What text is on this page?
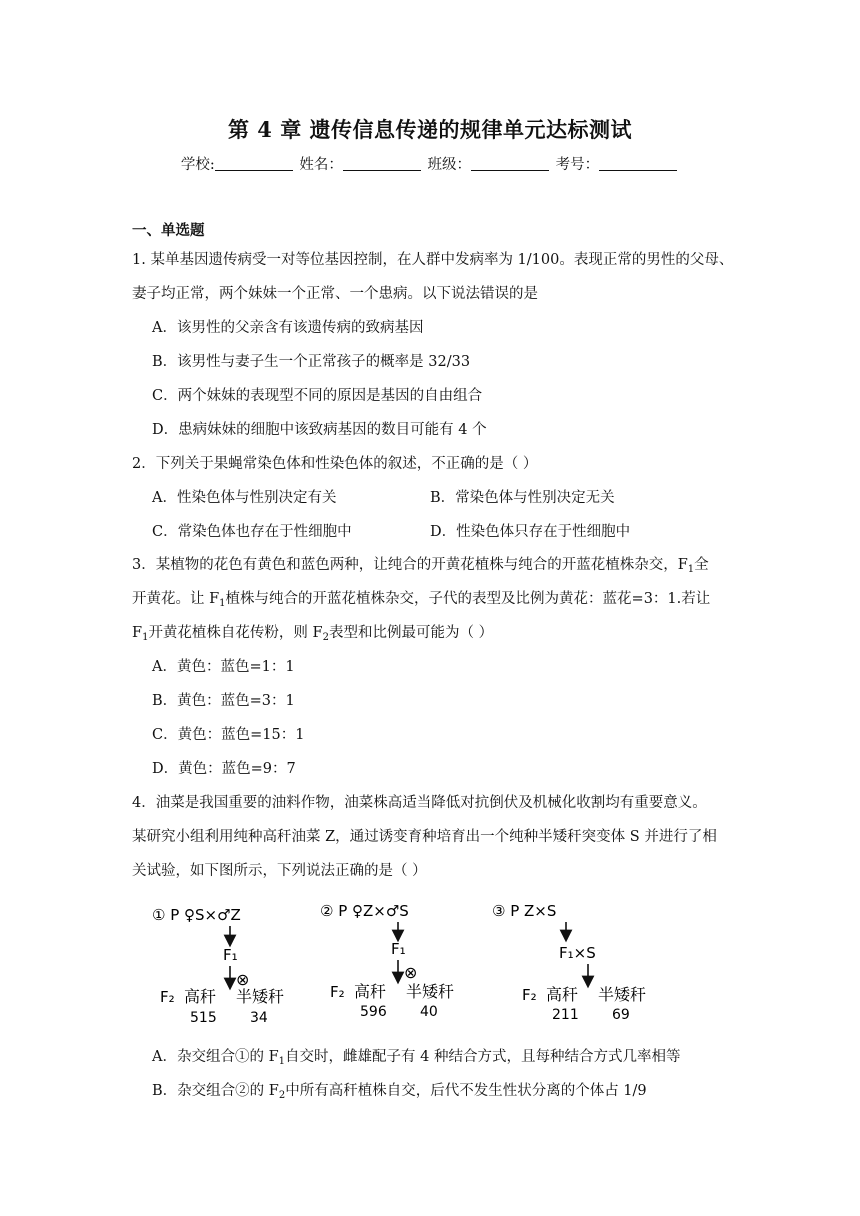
第 4 章 遗传信息传递的规律单元达标测试
学校:	姓名：	班级：	考号：
一、单选题
1. 某单基因遗传病受一对等位基因控制，在人群中发病率为 1/100。表现正常的男性的父母、
妻子均正常，两个妹妹一个正常、一个患病。以下说法错误的是
A．该男性的父亲含有该遗传病的致病基因
B．该男性与妻子生一个正常孩子的概率是 32/33
C．两个妹妹的表现型不同的原因是基因的自由组合
D．患病妹妹的细胞中该致病基因的数目可能有 4 个
2．下列关于果蝇常染色体和性染色体的叙述，不正确的是（ ）
A．性染色体与性别决定有关	B．常染色体与性别决定无关
C．常染色体也存在于性细胞中	D．性染色体只存在于性细胞中
3．某植物的花色有黄色和蓝色两种，让纯合的开黄花植株与纯合的开蓝花植株杂交，$F_1$全
开黄花。让 $F_1$植株与纯合的开蓝花植株杂交，子代的表型及比例为黄花：蓝花=3：1.若让
$F_1$开黄花植株自花传粉，则 $F_2$表型和比例最可能为（ ）
A．黄色：蓝色=1：1
B．黄色：蓝色=3：1
C．黄色：蓝色=15：1
D．黄色：蓝色=9：7
4．油菜是我国重要的油料作物，油菜株高适当降低对抗倒伏及机械化收割均有重要意义。
某研究小组利用纯种高秆油菜 Z，通过诱变育种培育出一个纯种半矮秆突变体 S 并进行了相
关试验，如下图所示，下列说法正确的是（ ）
① P ♀S×♂Z
F₁
⊗
F₂ 高秆 半矮秆
515 34
② P ♀Z×♂S
F₁
⊗
F₂ 高秆 半矮秆
596 40
③ P Z×S
F₁×S
F₂ 高秆 半矮秆
211 69
A．杂交组合①的 $F_1$自交时，雌雄配子有 4 种结合方式，且每种结合方式几率相等
B．杂交组合②的 $F_2$中所有高秆植株自交，后代不发生性状分离的个体占 1/9
